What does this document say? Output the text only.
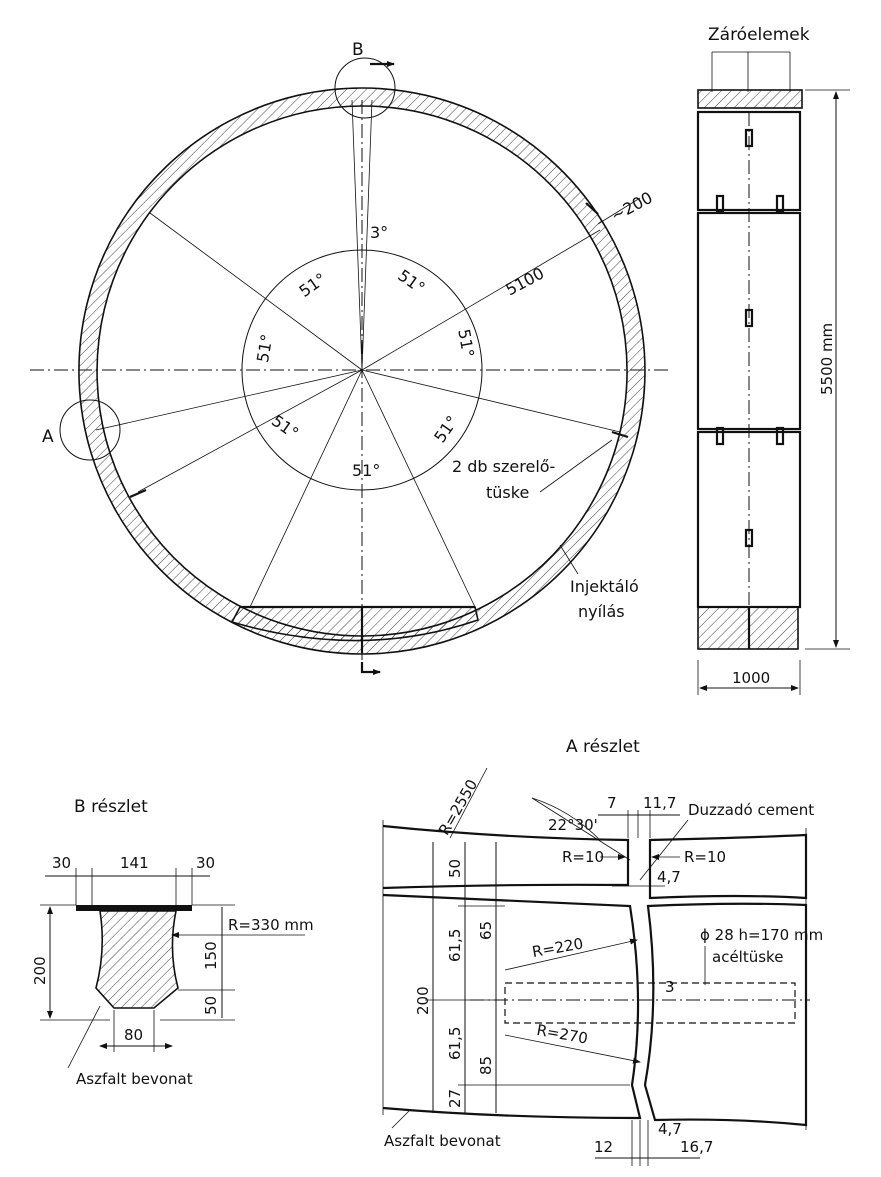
B
A
3°
51°	51°
51°	51°
51°	51°
51°
5100
~200
2 db szerelő-
tüske
Injektáló
nyílás
Záróelemek
5500 mm
1000
B részlet
30	141	30
200
150
50
R=330 mm
80
Aszfalt bevonat
A részlet
R=2550	22°30'
7 11,7 Duzzadó cement
R=10	R=10
4,7
R=220	ϕ 28 h=170 mm
acéltüske
3
R=270
200
50
61,5 65
61,5
85
27
Aszfalt bevonat	12
4,7
16,7
